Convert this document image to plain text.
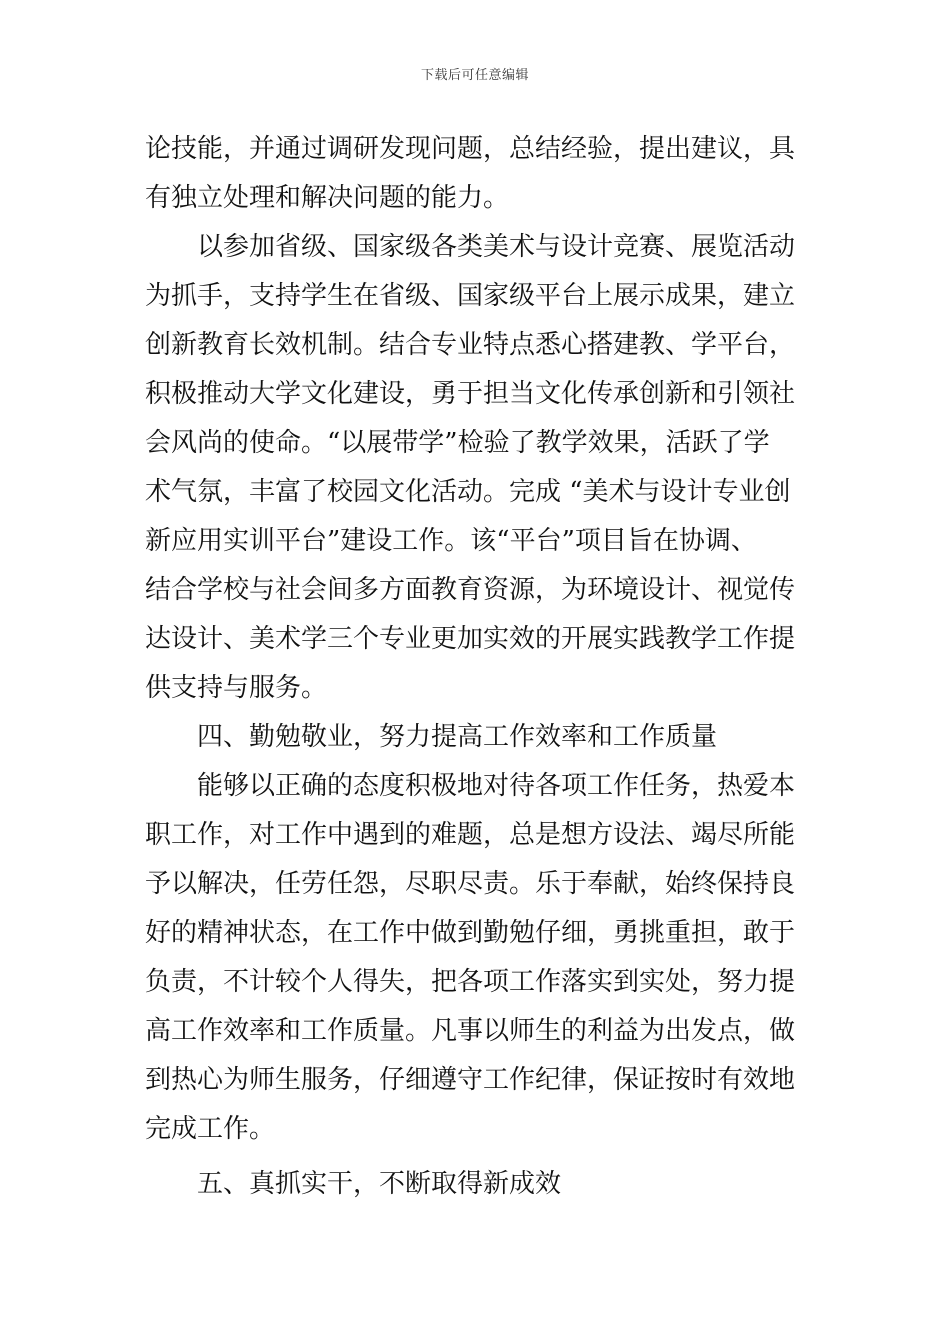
下载后可任意编辑
论技能，并通过调研发现问题，总结经验，提出建议，具
有独立处理和解决问题的能力。
以参加省级、国家级各类美术与设计竞赛、展览活动
为抓手，支持学生在省级、国家级平台上展示成果，建立
创新教育长效机制。结合专业特点悉心搭建教、学平台，
积极推动大学文化建设，勇于担当文化传承创新和引领社
会风尚的使命。“以展带学”检验了教学效果，活跃了学
术气氛，丰富了校园文化活动。完成 “美术与设计专业创
新应用实训平台”建设工作。该“平台”项目旨在协调、
结合学校与社会间多方面教育资源，为环境设计、视觉传
达设计、美术学三个专业更加实效的开展实践教学工作提
供支持与服务。
四、勤勉敬业，努力提高工作效率和工作质量
能够以正确的态度积极地对待各项工作任务，热爱本
职工作，对工作中遇到的难题，总是想方设法、竭尽所能
予以解决，任劳任怨，尽职尽责。乐于奉献，始终保持良
好的精神状态，在工作中做到勤勉仔细，勇挑重担，敢于
负责，不计较个人得失，把各项工作落实到实处，努力提
高工作效率和工作质量。凡事以师生的利益为出发点，做
到热心为师生服务，仔细遵守工作纪律，保证按时有效地
完成工作。
五、真抓实干，不断取得新成效
